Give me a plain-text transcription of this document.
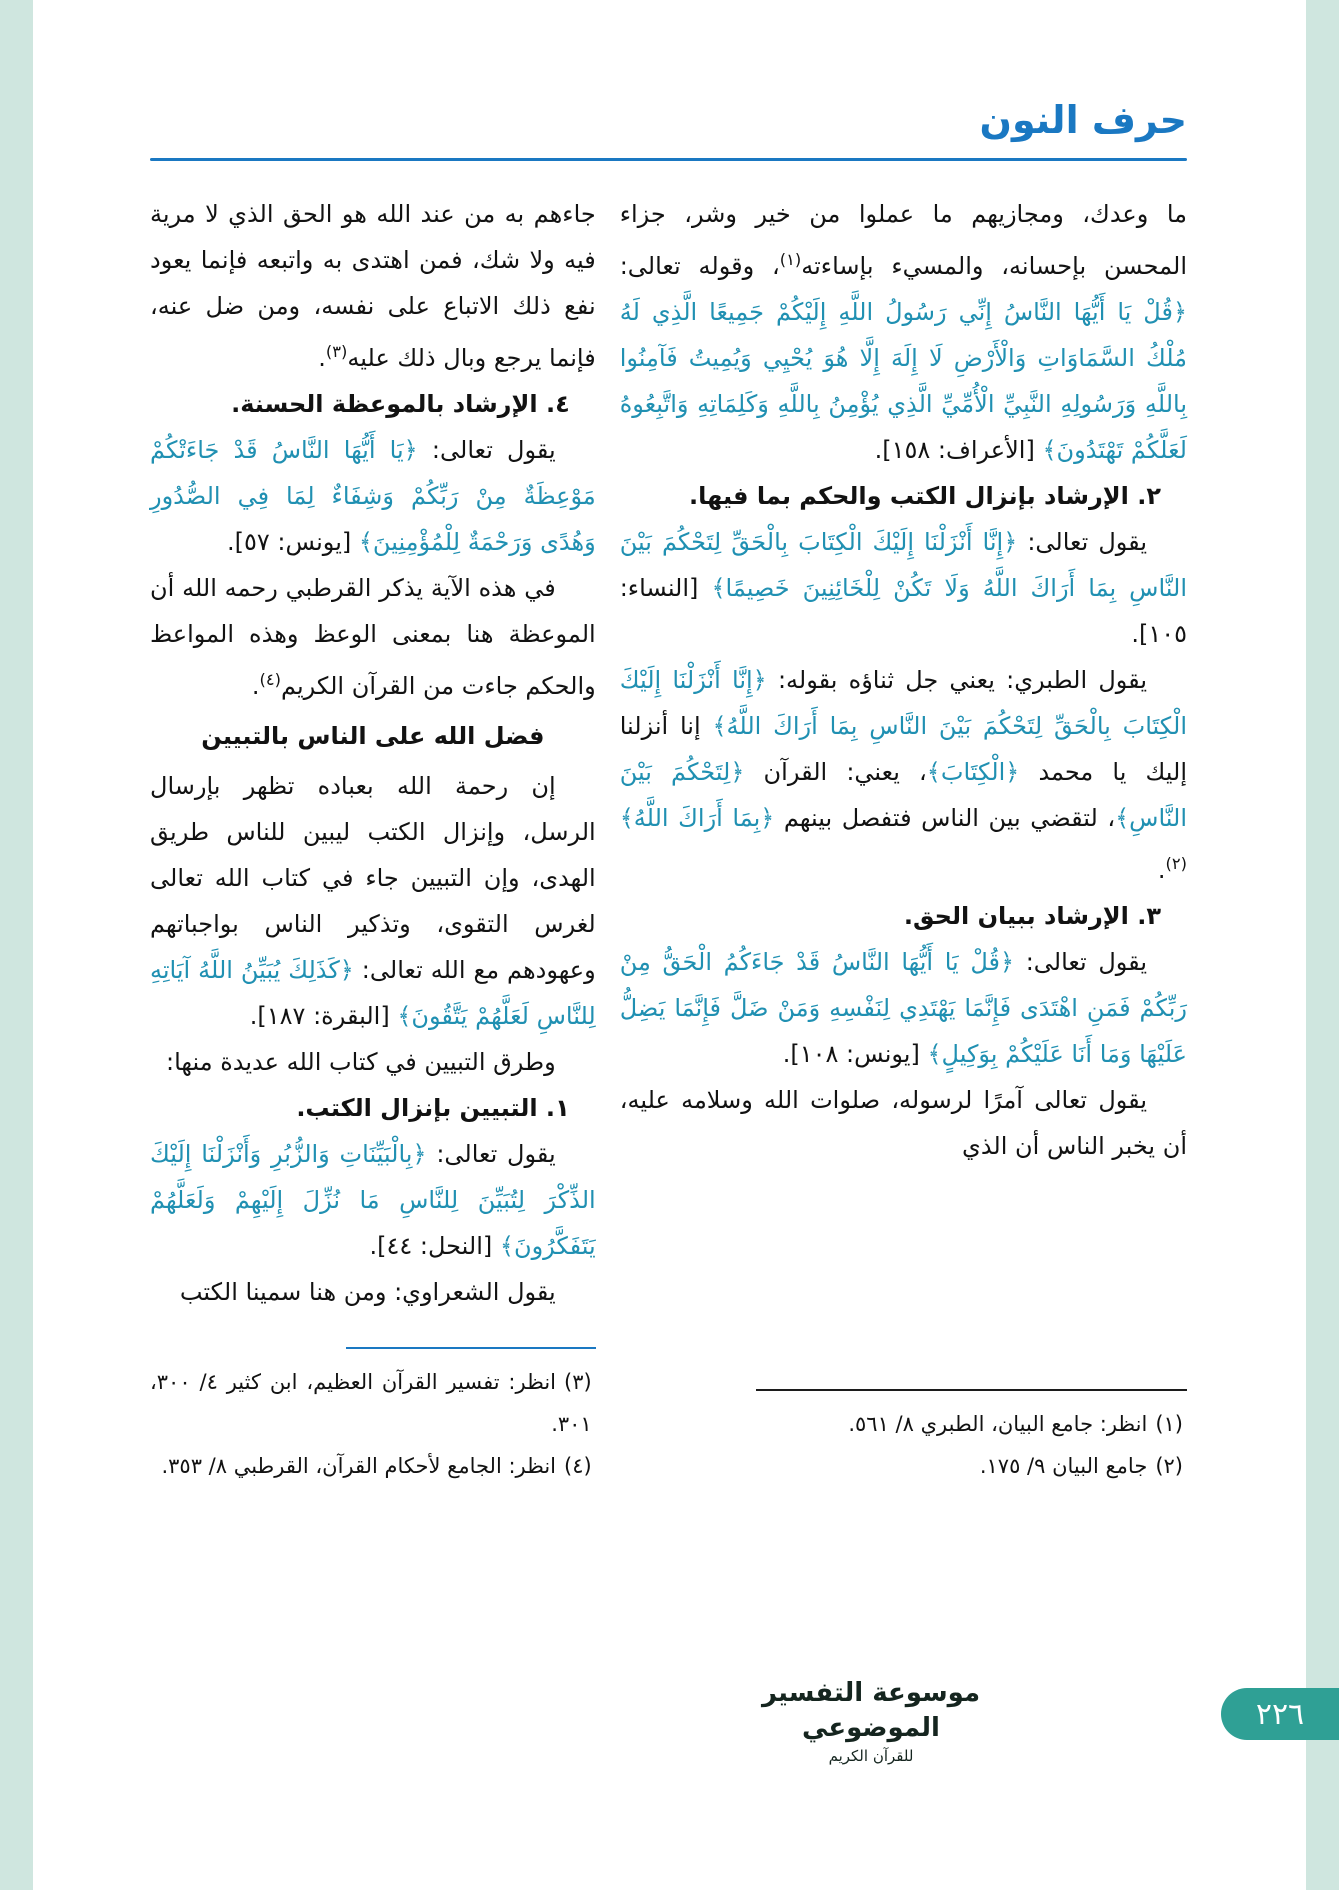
حرف النون
ما وعدك، ومجازيهم ما عملوا من خير وشر، جزاء المحسن بإحسانه، والمسيء بإساءته$^{(١)}$، وقوله تعالى: ﴿قُلْ يَا أَيُّهَا النَّاسُ إِنِّي رَسُولُ اللَّهِ إِلَيْكُمْ جَمِيعًا الَّذِي لَهُ مُلْكُ السَّمَاوَاتِ وَالْأَرْضِ لَا إِلَهَ إِلَّا هُوَ يُحْيِي وَيُمِيتُ فَآمِنُوا بِاللَّهِ وَرَسُولِهِ النَّبِيِّ الْأُمِّيِّ الَّذِي يُؤْمِنُ بِاللَّهِ وَكَلِمَاتِهِ وَاتَّبِعُوهُ لَعَلَّكُمْ تَهْتَدُونَ﴾ [الأعراف: ١٥٨].
٢. الإرشاد بإنزال الكتب والحكم بما فيها.
يقول تعالى: ﴿إِنَّا أَنْزَلْنَا إِلَيْكَ الْكِتَابَ بِالْحَقِّ لِتَحْكُمَ بَيْنَ النَّاسِ بِمَا أَرَاكَ اللَّهُ وَلَا تَكُنْ لِلْخَائِنِينَ خَصِيمًا﴾ [النساء: ١٠٥].
يقول الطبري: يعني جل ثناؤه بقوله: ﴿إِنَّا أَنْزَلْنَا إِلَيْكَ الْكِتَابَ بِالْحَقِّ لِتَحْكُمَ بَيْنَ النَّاسِ بِمَا أَرَاكَ اللَّهُ﴾ إنا أنزلنا إليك يا محمد ﴿الْكِتَابَ﴾، يعني: القرآن ﴿لِتَحْكُمَ بَيْنَ النَّاسِ﴾، لتقضي بين الناس فتفصل بينهم ﴿بِمَا أَرَاكَ اللَّهُ﴾$^{(٢)}$.
٣. الإرشاد ببيان الحق.
يقول تعالى: ﴿قُلْ يَا أَيُّهَا النَّاسُ قَدْ جَاءَكُمُ الْحَقُّ مِنْ رَبِّكُمْ فَمَنِ اهْتَدَى فَإِنَّمَا يَهْتَدِي لِنَفْسِهِ وَمَنْ ضَلَّ فَإِنَّمَا يَضِلُّ عَلَيْهَا وَمَا أَنَا عَلَيْكُمْ بِوَكِيلٍ﴾ [يونس: ١٠٨].
يقول تعالى آمرًا لرسوله، صلوات الله وسلامه عليه، أن يخبر الناس أن الذي
(١)انظر: جامع البيان، الطبري ٨/ ٥٦١.
(٢)جامع البيان ٩/ ١٧٥.
جاءهم به من عند الله هو الحق الذي لا مرية فيه ولا شك، فمن اهتدى به واتبعه فإنما يعود نفع ذلك الاتباع على نفسه، ومن ضل عنه، فإنما يرجع وبال ذلك عليه$^{(٣)}$.
٤. الإرشاد بالموعظة الحسنة.
يقول تعالى: ﴿يَا أَيُّهَا النَّاسُ قَدْ جَاءَتْكُمْ مَوْعِظَةٌ مِنْ رَبِّكُمْ وَشِفَاءٌ لِمَا فِي الصُّدُورِ وَهُدًى وَرَحْمَةٌ لِلْمُؤْمِنِينَ﴾ [يونس: ٥٧].
في هذه الآية يذكر القرطبي رحمه الله أن الموعظة هنا بمعنى الوعظ وهذه المواعظ والحكم جاءت من القرآن الكريم$^{(٤)}$.
فضل الله على الناس بالتبيين
إن رحمة الله بعباده تظهر بإرسال الرسل، وإنزال الكتب ليبين للناس طريق الهدى، وإن التبيين جاء في كتاب الله تعالى لغرس التقوى، وتذكير الناس بواجباتهم وعهودهم مع الله تعالى: ﴿كَذَلِكَ يُبَيِّنُ اللَّهُ آيَاتِهِ لِلنَّاسِ لَعَلَّهُمْ يَتَّقُونَ﴾ [البقرة: ١٨٧].
وطرق التبيين في كتاب الله عديدة منها:
١. التبيين بإنزال الكتب.
يقول تعالى: ﴿بِالْبَيِّنَاتِ وَالزُّبُرِ وَأَنْزَلْنَا إِلَيْكَ الذِّكْرَ لِتُبَيِّنَ لِلنَّاسِ مَا نُزِّلَ إِلَيْهِمْ وَلَعَلَّهُمْ يَتَفَكَّرُونَ﴾ [النحل: ٤٤].
يقول الشعراوي: ومن هنا سمينا الكتب
(٣)انظر: تفسير القرآن العظيم، ابن كثير ٤/ ٣٠٠، ٣٠١.
(٤)انظر: الجامع لأحكام القرآن، القرطبي ٨/ ٣٥٣.
موسوعة التفسير الموضوعي
للقرآن الكريم
٢٢٦
